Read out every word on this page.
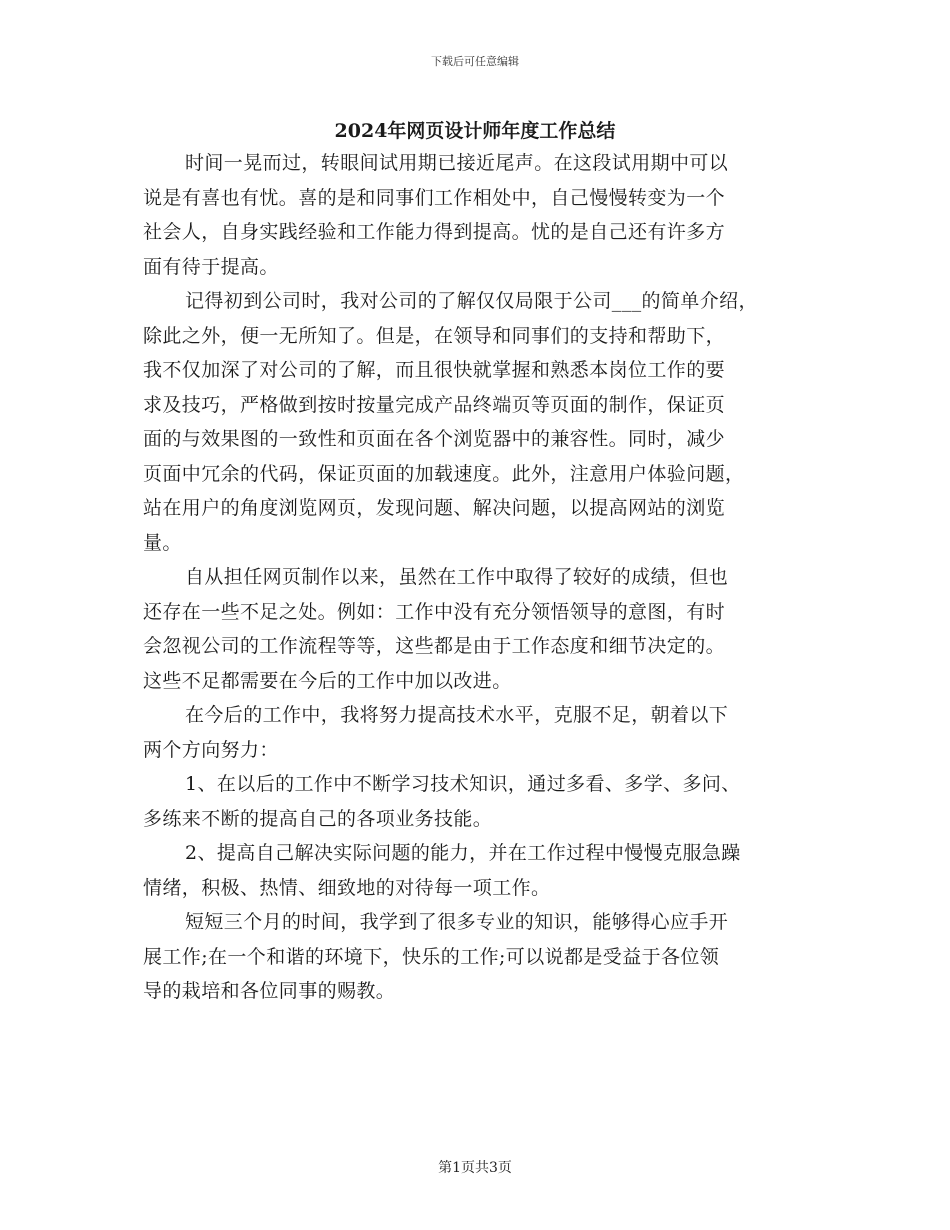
下载后可任意编辑
2024年网页设计师年度工作总结

时间一晃而过，转眼间试用期已接近尾声。在这段试用期中可以
说是有喜也有忧。喜的是和同事们工作相处中，自己慢慢转变为一个
社会人，自身实践经验和工作能力得到提高。忧的是自己还有许多方
面有待于提高。

记得初到公司时，我对公司的了解仅仅局限于公司___的简单介绍，
除此之外，便一无所知了。但是，在领导和同事们的支持和帮助下，
我不仅加深了对公司的了解，而且很快就掌握和熟悉本岗位工作的要
求及技巧，严格做到按时按量完成产品终端页等页面的制作，保证页
面的与效果图的一致性和页面在各个浏览器中的兼容性。同时，减少
页面中冗余的代码，保证页面的加载速度。此外，注意用户体验问题，
站在用户的角度浏览网页，发现问题、解决问题，以提高网站的浏览
量。

自从担任网页制作以来，虽然在工作中取得了较好的成绩，但也
还存在一些不足之处。例如：工作中没有充分领悟领导的意图，有时
会忽视公司的工作流程等等，这些都是由于工作态度和细节决定的。
这些不足都需要在今后的工作中加以改进。

在今后的工作中，我将努力提高技术水平，克服不足，朝着以下
两个方向努力：

1、在以后的工作中不断学习技术知识，通过多看、多学、多问、
多练来不断的提高自己的各项业务技能。

2、提高自己解决实际问题的能力，并在工作过程中慢慢克服急躁
情绪，积极、热情、细致地的对待每一项工作。

短短三个月的时间，我学到了很多专业的知识，能够得心应手开
展工作;在一个和谐的环境下，快乐的工作;可以说都是受益于各位领
导的栽培和各位同事的赐教。

第1页共3页
